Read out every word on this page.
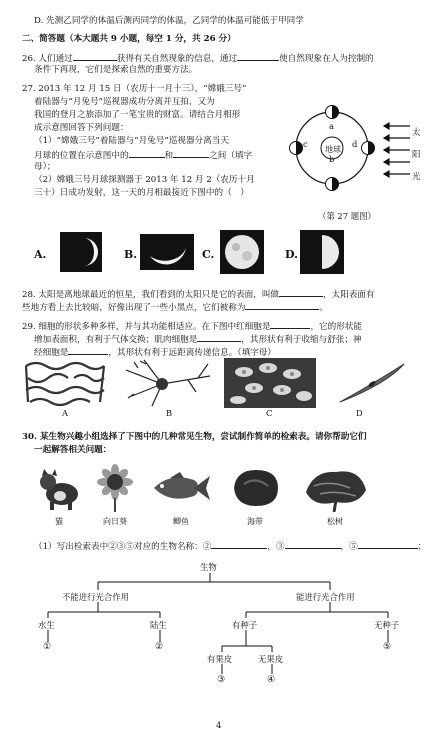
D. 先测乙同学的体温后测丙同学的体温，乙同学的体温可能低于甲同学
二、简答题（本大题共 9 小题，每空 1 分，共 26 分）
26. 人们通过	获得有关自然现象的信息，通过	使自然现象在人为控制的
条件下再现，它们是探索自然的重要方法。
27. 2013 年 12 月 15 日（农历十一月十三），“嫦娥三号”
着陆器与“月兔号”巡视器成功分离并互拍，又为
我国的登月之旅添加了一笔宝贵的财富。请结合月相形
成示意图回答下列问题：
（1）“嫦娥三号”着陆器与“月兔号”巡视器分离当天
月球的位置在示意图中的	和	之间（填字
母）；
（2）嫦娥三号月球探测器于 2013 年 12 月 2（农历十月
三十）日成功发射，这一天的月相最接近下图中的（　）
地球
a
b
c	d
太
阳
光
（第 27 题图）
A.	B.	C.	D.
28. 太阳是离地球最近的恒星，我们看到的太阳只是它的表面，叫做	，太阳表面有
些地方看上去比较暗，好像出现了一些小黑点，它们被称为	。
29. 细胞的形状多种多样，并与其功能相适应。在下图中红细胞是	，它的形状能
增加表面积，有利于气体交换；肌肉细胞是	，其形状有利于收缩与舒张；神
经细胞是	，其形状有利于远距离传递信息。（填字母）
A	B	C	D
30. 某生物兴趣小组选择了下图中的几种常见生物，尝试制作简单的检索表。请你帮助它们
一起解答相关问题：
猫	向日葵	鲫鱼	海带	松树
（1）写出检索表中②③⑤对应的生物名称：②	，③	，⑤	；
生物
不能进行光合作用	能进行光合作用
水生	陆生	有种子	无种子
①	②	⑤
有果皮	无果皮
③	④
4
